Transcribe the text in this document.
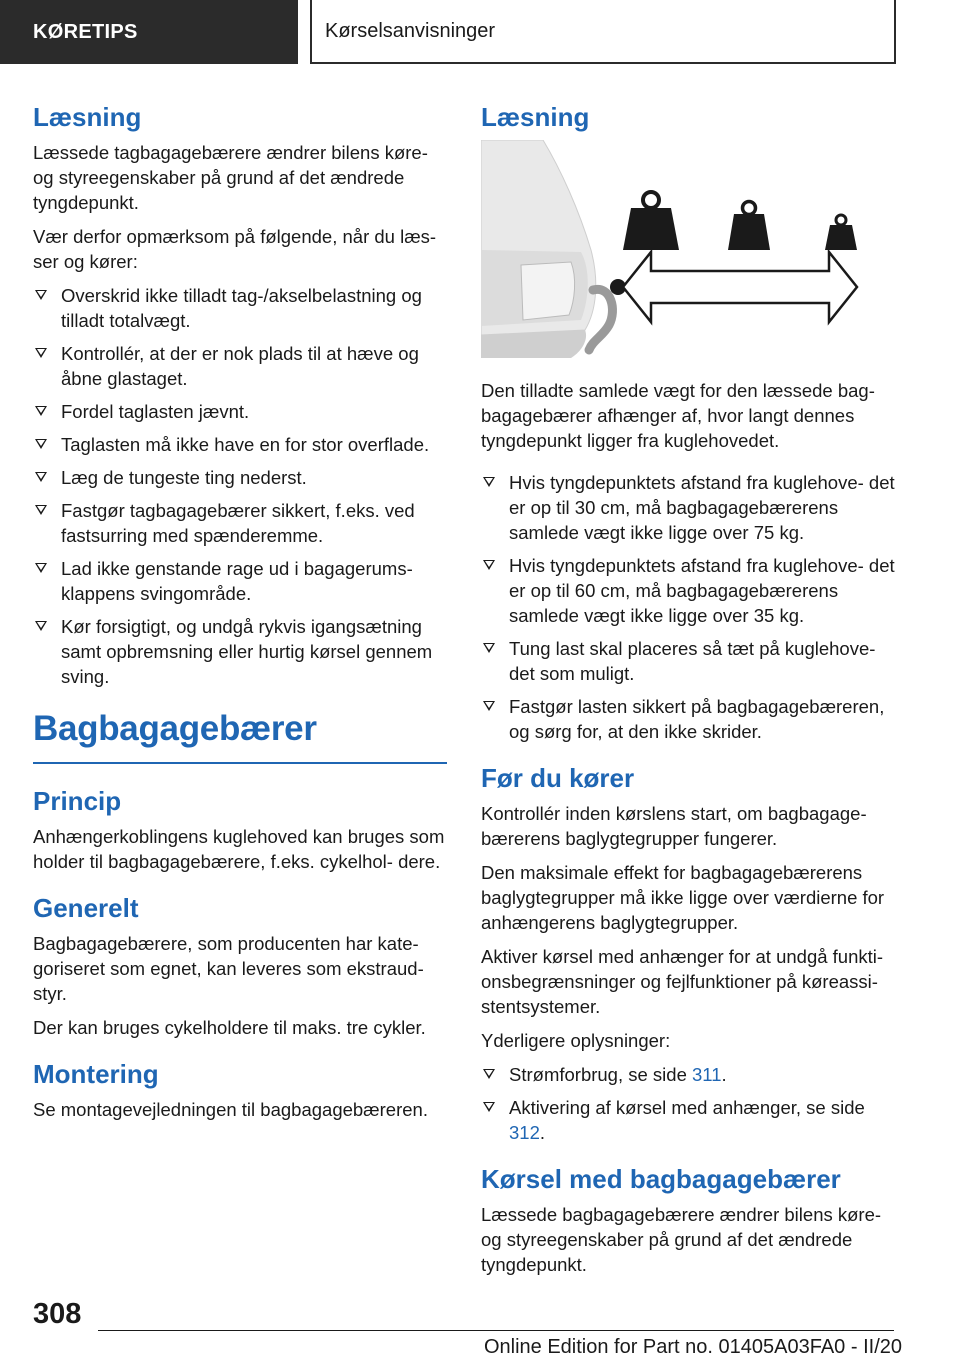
KØRETIPS	Kørselsanvisninger
Læsning

Læssede tagbagagebærere ændrer bilens køre- og styreegenskaber på grund af det ændrede tyngdepunkt.

Vær derfor opmærksom på følgende, når du læs- ser og kører:

Overskrid ikke tilladt tag-/akselbelastning og tilladt totalvægt.
Kontrollér, at der er nok plads til at hæve og åbne glastaget.
Fordel taglasten jævnt.
Taglasten må ikke have en for stor overflade.
Læg de tungeste ting nederst.
Fastgør tagbagagebærer sikkert, f.eks. ved fastsurring med spænderemme.
Lad ikke genstande rage ud i bagagerums- klappens svingområde.
Kør forsigtigt, og undgå rykvis igangsætning samt opbremsning eller hurtig kørsel gennem sving.
Bagbagagebærer
Princip

Anhængerkoblingens kuglehoved kan bruges som holder til bagbagagebærere, f.eks. cykelhol- dere.

Generelt

Bagbagagebærere, som producenten har kate- goriseret som egnet, kan leveres som ekstraud- styr.

Der kan bruges cykelholdere til maks. tre cykler.

Montering

Se montagevejledningen til bagbagagebæreren.

Læsning

Den tilladte samlede vægt for den læssede bag- bagagebærer afhænger af, hvor langt dennes tyngdepunkt ligger fra kuglehovedet.

Hvis tyngdepunktets afstand fra kuglehove- det er op til 30 cm, må bagbagagebærerens samlede vægt ikke ligge over 75 kg.
Hvis tyngdepunktets afstand fra kuglehove- det er op til 60 cm, må bagbagagebærerens samlede vægt ikke ligge over 35 kg.
Tung last skal placeres så tæt på kuglehove- det som muligt.
Fastgør lasten sikkert på bagbagagebæreren, og sørg for, at den ikke skrider.
Før du kører

Kontrollér inden kørslens start, om bagbagage- bærerens baglygtegrupper fungerer.

Den maksimale effekt for bagbagagebærerens baglygtegrupper må ikke ligge over værdierne for anhængerens baglygtegrupper.

Aktiver kørsel med anhænger for at undgå funkti- onsbegrænsninger og fejlfunktioner på køreassi- stentsystemer.

Yderligere oplysninger:

Strømforbrug, se side 311.
Aktivering af kørsel med anhænger, se side 312.
Kørsel med bagbagagebærer

Læssede bagbagagebærere ændrer bilens køre- og styreegenskaber på grund af det ændrede tyngdepunkt.

308
Online Edition for Part no. 01405A03FA0 - II/20
